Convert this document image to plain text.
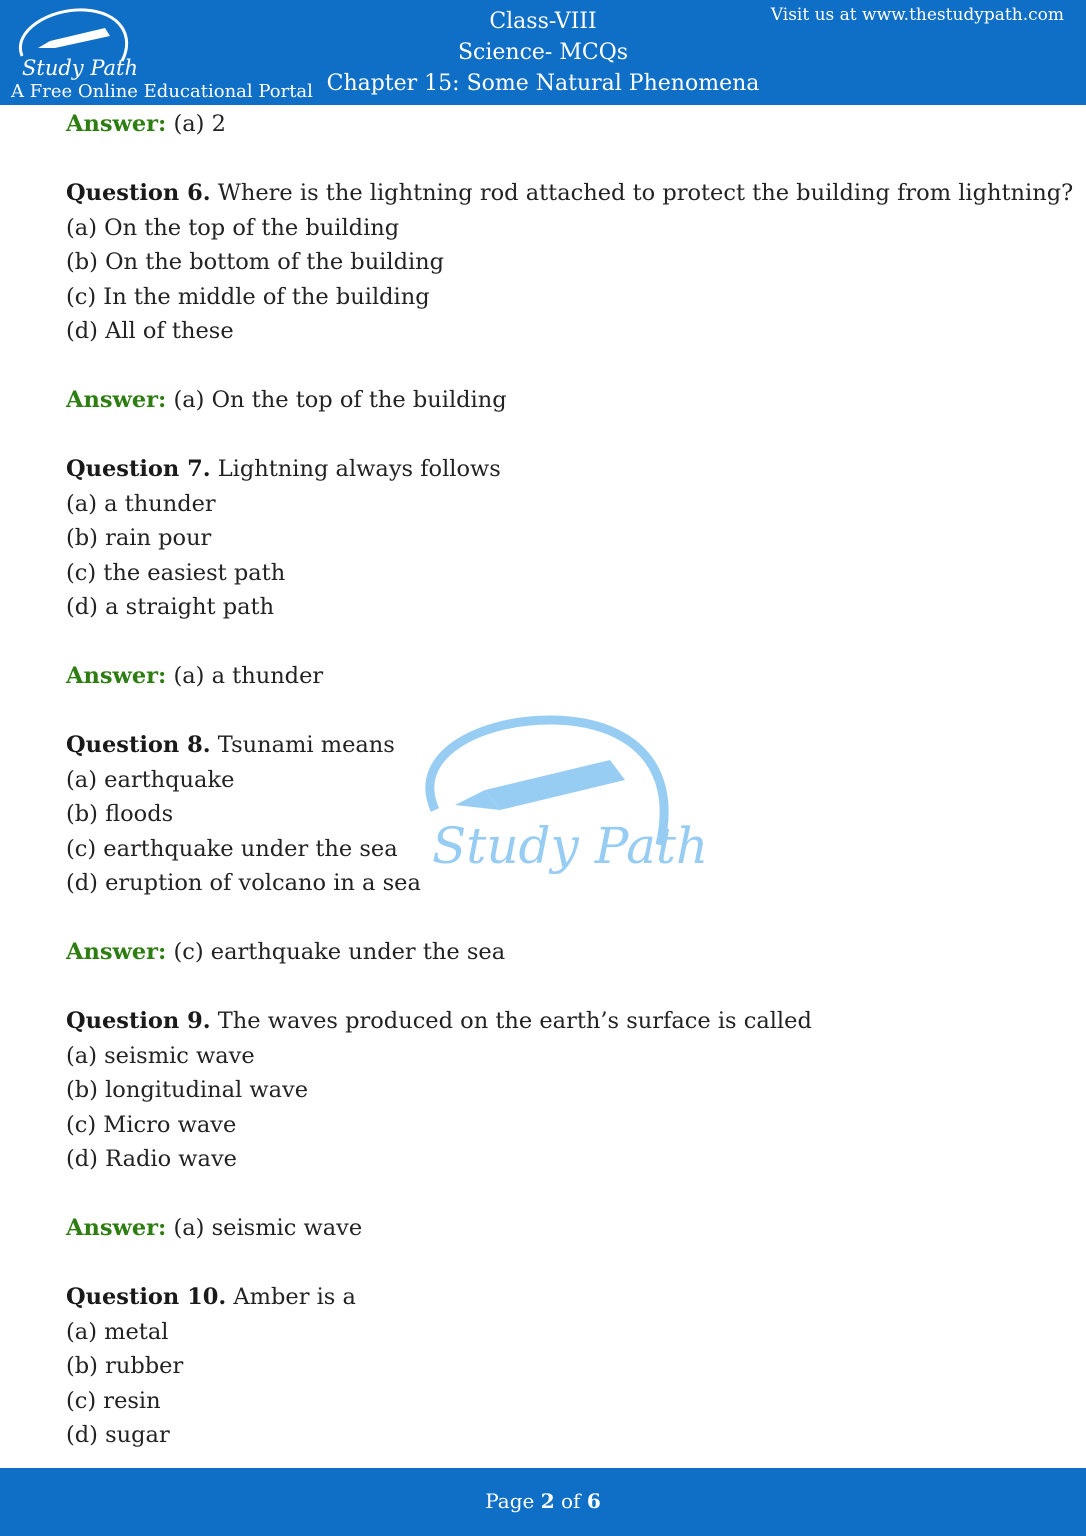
Study Path
A Free Online Educational Portal
Class-VIII
Science- MCQs
Chapter 15: Some Natural Phenomena
Visit us at www.thestudypath.com
Study Path
Answer: (a) 2
Question 6. Where is the lightning rod attached to protect the building from lightning?
(a) On the top of the building
(b) On the bottom of the building
(c) In the middle of the building
(d) All of these
Answer: (a) On the top of the building
Question 7. Lightning always follows
(a) a thunder
(b) rain pour
(c) the easiest path
(d) a straight path
Answer: (a) a thunder
Question 8. Tsunami means
(a) earthquake
(b) floods
(c) earthquake under the sea
(d) eruption of volcano in a sea
Answer: (c) earthquake under the sea
Question 9. The waves produced on the earth’s surface is called
(a) seismic wave
(b) longitudinal wave
(c) Micro wave
(d) Radio wave
Answer: (a) seismic wave
Question 10. Amber is a
(a) metal
(b) rubber
(c) resin
(d) sugar
Page 2 of 6
